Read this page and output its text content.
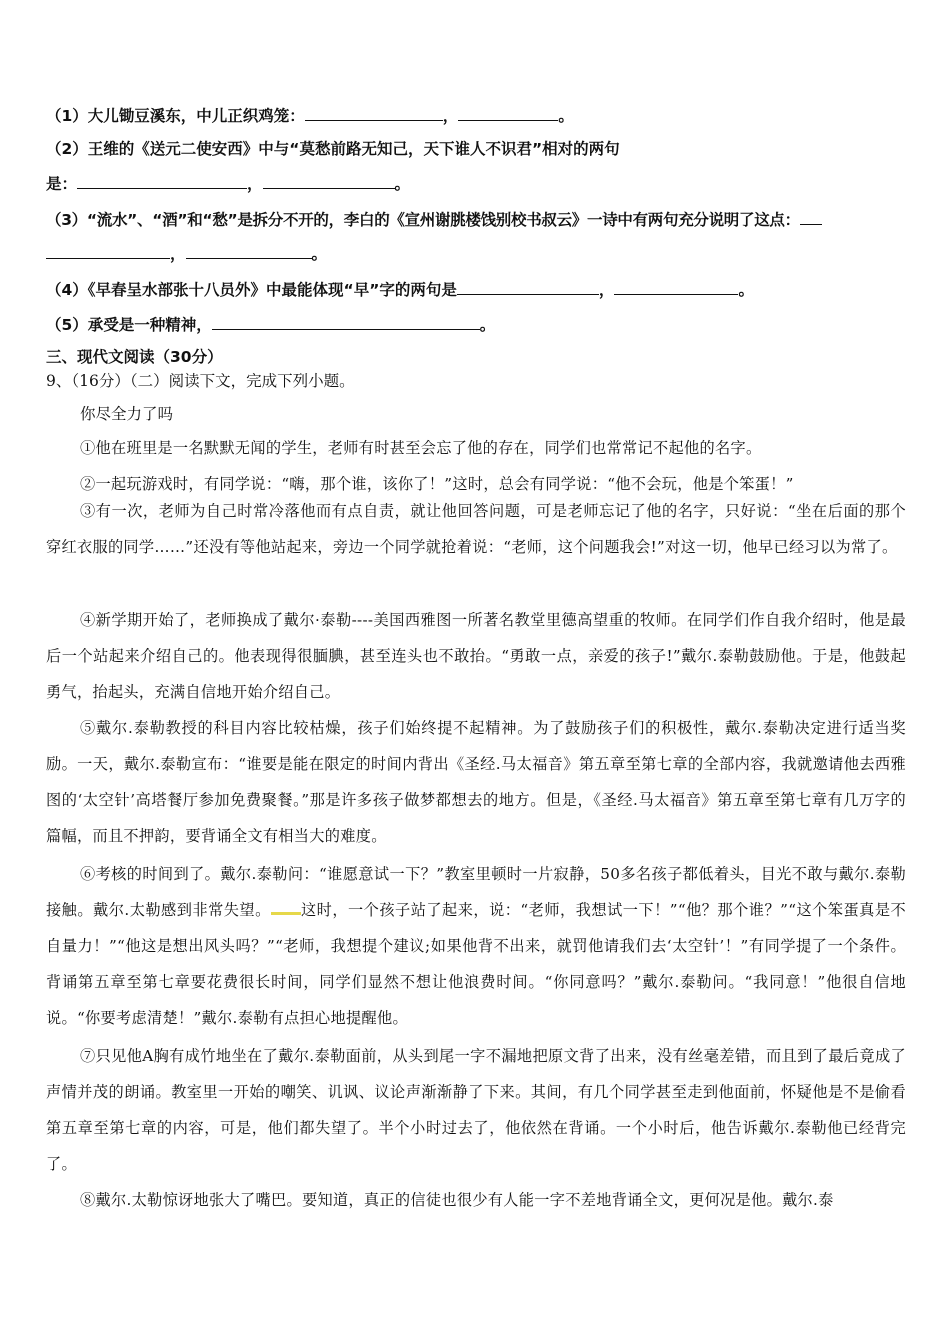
（1）大儿锄豆溪东，中儿正织鸡笼：	，	。
（2）王维的《送元二使安西》中与“莫愁前路无知己，天下谁人不识君”相对的两句
是：	，	。
（3）“流水”、“酒”和“愁”是拆分不开的，李白的《宣州谢朓楼饯别校书叔云》一诗中有两句充分说明了这点：
，	。
（4）《早春呈水部张十八员外》中最能体现“早”字的两句是	，	。
（5）承受是一种精神，	。
三、现代文阅读（30分）
9、（16分）（二）阅读下文，完成下列小题。
你尽全力了吗
①他在班里是一名默默无闻的学生，老师有时甚至会忘了他的存在，同学们也常常记不起他的名字。
②一起玩游戏时，有同学说：“嗨，那个谁，该你了！”这时，总会有同学说：“他不会玩，他是个笨蛋！”
③有一次，老师为自己时常冷落他而有点自责，就让他回答问题，可是老师忘记了他的名字，只好说：“坐在后面的那个穿红衣服的同学……”还没有等他站起来，旁边一个同学就抢着说：“老师，这个问题我会!”对这一切，他早已经习以为常了。
④新学期开始了，老师换成了戴尔·泰勒----美国西雅图一所著名教堂里德高望重的牧师。在同学们作自我介绍时，他是最后一个站起来介绍自己的。他表现得很腼腆，甚至连头也不敢抬。“勇敢一点，亲爱的孩子!”戴尔.泰勒鼓励他。于是，他鼓起勇气，抬起头，充满自信地开始介绍自己。
⑤戴尔.泰勒教授的科目内容比较枯燥，孩子们始终提不起精神。为了鼓励孩子们的积极性，戴尔.泰勒决定进行适当奖励。一天，戴尔.泰勒宣布：“谁要是能在限定的时间内背出《圣经.马太福音》第五章至第七章的全部内容，我就邀请他去西雅图的‘太空针’高塔餐厅参加免费聚餐。”那是许多孩子做梦都想去的地方。但是，《圣经.马太福音》第五章至第七章有几万字的篇幅，而且不押韵，要背诵全文有相当大的难度。
⑥考核的时间到了。戴尔.泰勒问：“谁愿意试一下？”教室里顿时一片寂静，50多名孩子都低着头，目光不敢与戴尔.泰勒接触。戴尔.太勒感到非常失望。 这时，一个孩子站了起来，说：“老师，我想试一下！”“他？那个谁？”“这个笨蛋真是不自量力！”“他这是想出风头吗？”“老师，我想提个建议;如果他背不出来，就罚他请我们去‘太空针’！”有同学提了一个条件。背诵第五章至第七章要花费很长时间，同学们显然不想让他浪费时间。“你同意吗？”戴尔.泰勒问。“我同意！”他很自信地说。“你要考虑清楚！”戴尔.泰勒有点担心地提醒他。
⑦只见他A胸有成竹地坐在了戴尔.泰勒面前，从头到尾一字不漏地把原文背了出来，没有丝毫差错，而且到了最后竟成了声情并茂的朗诵。教室里一开始的嘲笑、讥讽、议论声渐渐静了下来。其间，有几个同学甚至走到他面前，怀疑他是不是偷看第五章至第七章的内容，可是，他们都失望了。半个小时过去了，他依然在背诵。一个小时后，他告诉戴尔.泰勒他已经背完了。
⑧戴尔.太勒惊讶地张大了嘴巴。要知道，真正的信徒也很少有人能一字不差地背诵全文，更何况是他。戴尔.泰
